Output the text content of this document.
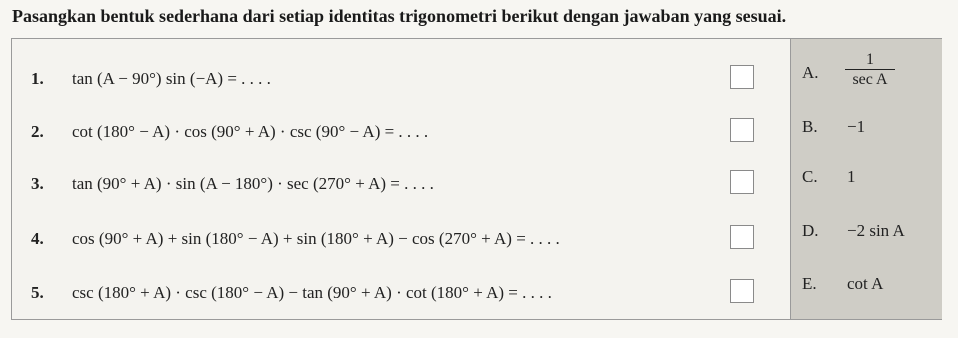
Pasangkan bentuk sederhana dari setiap identitas trigonometri berikut dengan jawaban yang sesuai.
1. tan (A − 90°) sin (−A) = . . . .
2. cot (180° − A) · cos (90° + A) · csc (90° − A) = . . . .
3. tan (90° + A) · sin (A − 180°) · sec (270° + A) = . . . .
4. cos (90° + A) + sin (180° − A) + sin (180° + A) − cos (270° + A) = . . . .
5. csc (180° + A) · csc (180° − A) − tan (90° + A) · cot (180° + A) = . . . .
A.
1
sec A
B. −1
C. 1
D. −2 sin A
E. cot A
